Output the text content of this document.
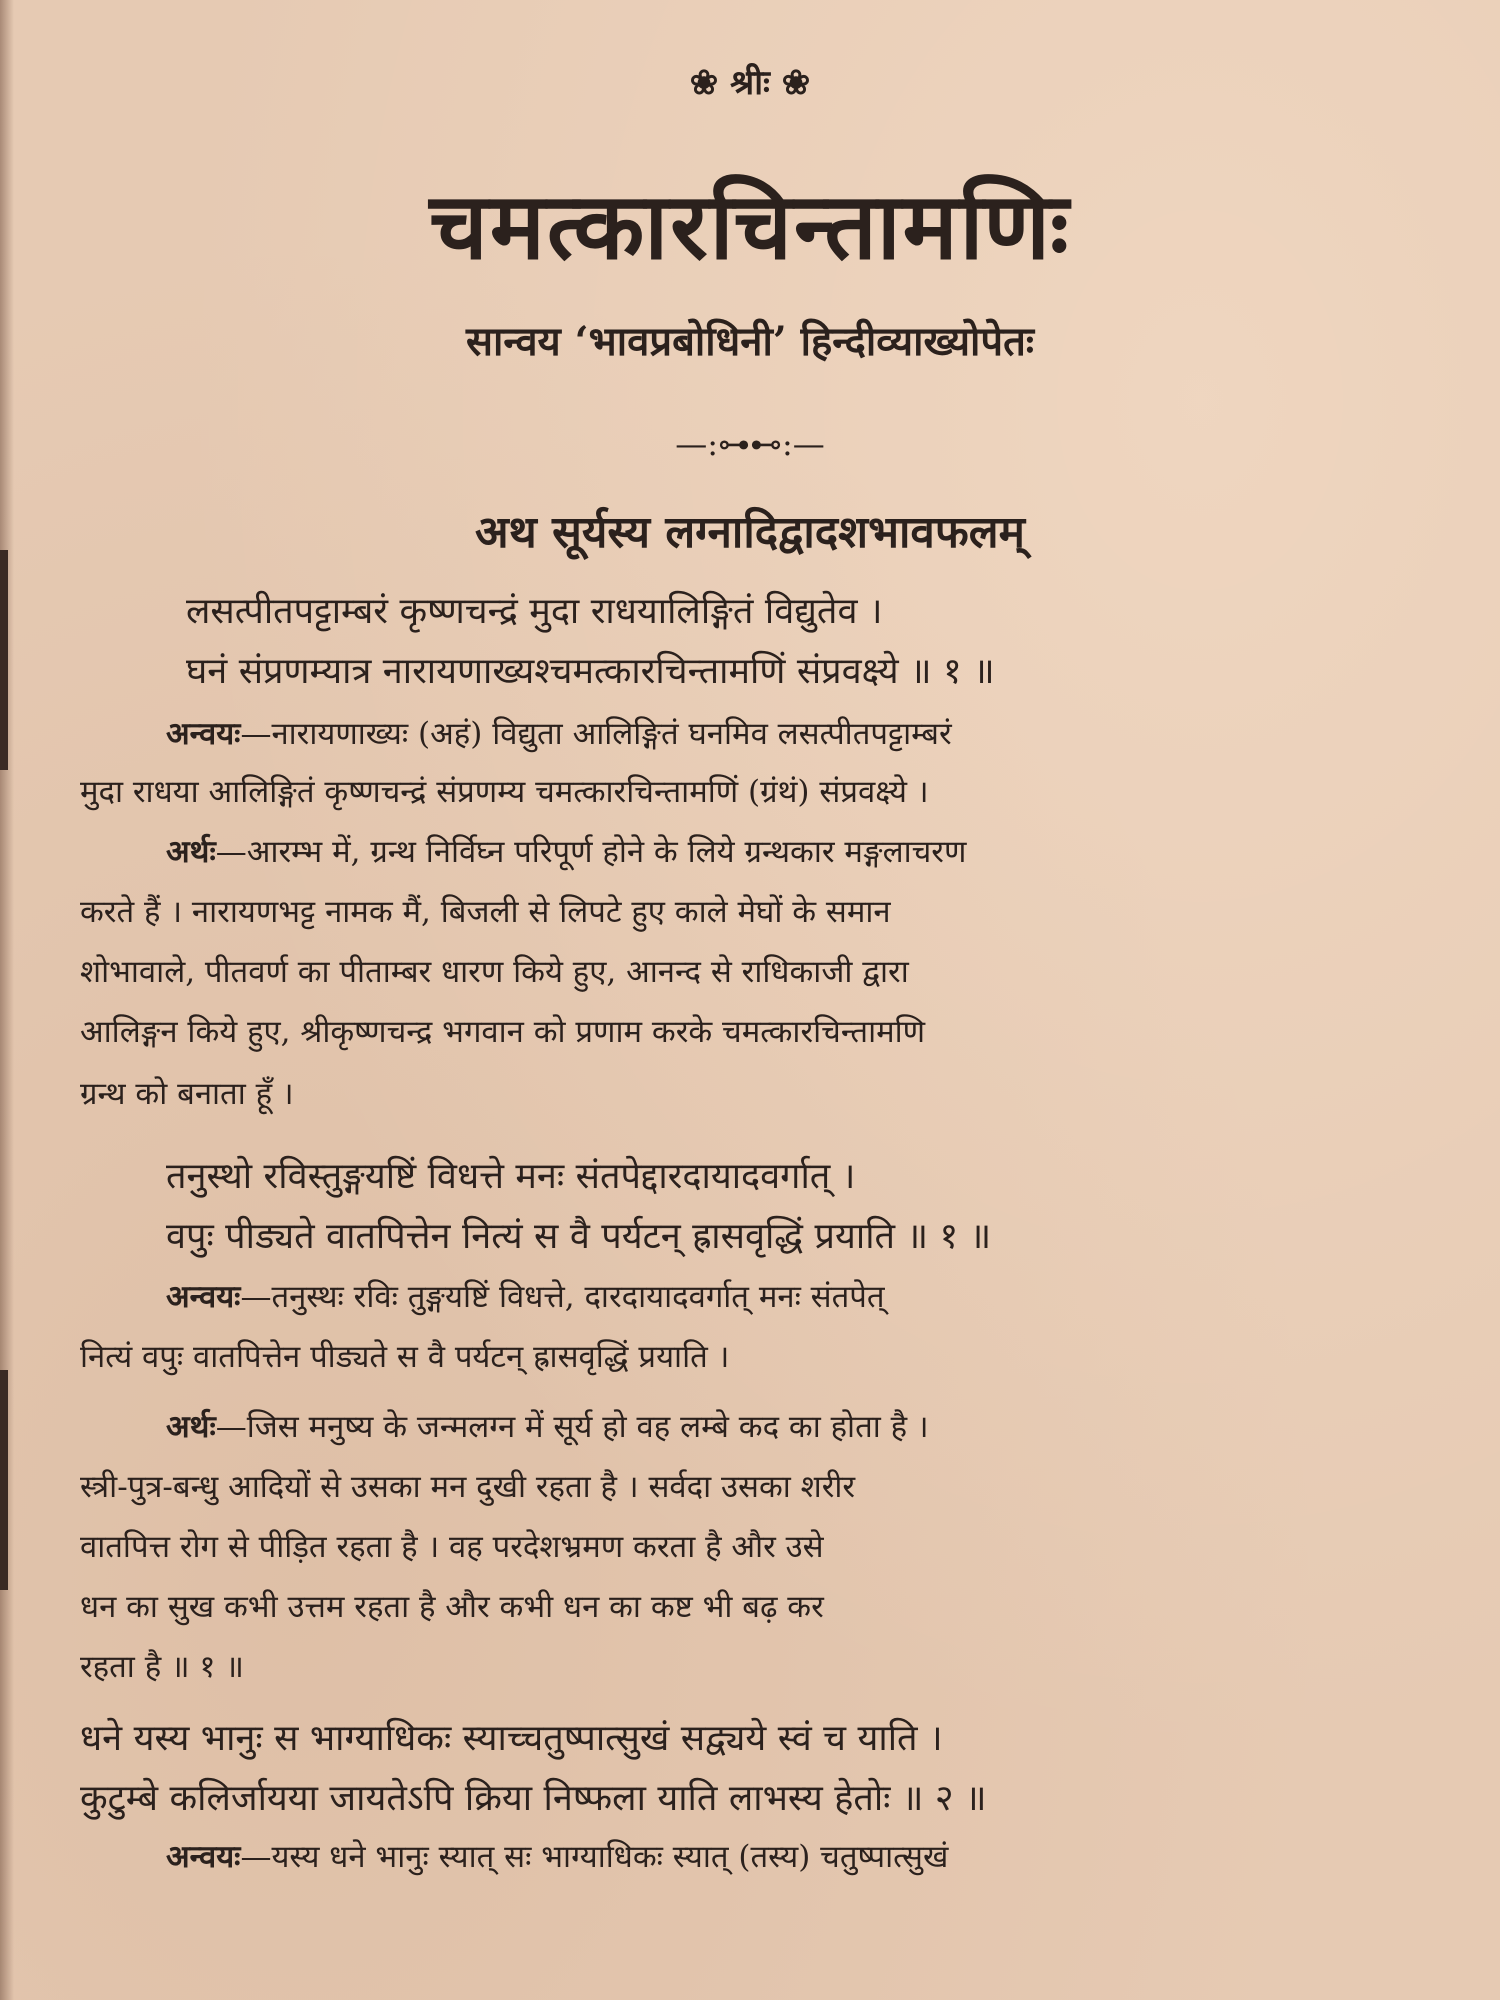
❀ श्रीः ❀
चमत्कारचिन्तामणिः
सान्वय ‘भावप्रबोधिनी’ हिन्दीव्याख्योपेतः
—:⊶⊷:—
अथ सूर्यस्य लग्नादिद्वादशभावफलम्
लसत्पीतपट्टाम्बरं कृष्णचन्द्रं मुदा राधयालिङ्गितं विद्युतेव ।
घनं संप्रणम्यात्र नारायणाख्यश्चमत्कारचिन्तामणिं संप्रवक्ष्ये ॥ १ ॥
अन्वयः—नारायणाख्यः (अहं) विद्युता आलिङ्गितं घनमिव लसत्पीतपट्टाम्बरं
मुदा राधया आलिङ्गितं कृष्णचन्द्रं संप्रणम्य चमत्कारचिन्तामणिं (ग्रंथं) संप्रवक्ष्ये ।
अर्थः—आरम्भ में, ग्रन्थ निर्विघ्न परिपूर्ण होने के लिये ग्रन्थकार मङ्गलाचरण
करते हैं । नारायणभट्ट नामक मैं, बिजली से लिपटे हुए काले मेघों के समान
शोभावाले, पीतवर्ण का पीताम्बर धारण किये हुए, आनन्द से राधिकाजी द्वारा
आलिङ्गन किये हुए, श्रीकृष्णचन्द्र भगवान को प्रणाम करके चमत्कारचिन्तामणि
ग्रन्थ को बनाता हूँ ।
तनुस्थो रविस्तुङ्गयष्टिं विधत्ते मनः संतपेद्दारदायादवर्गात् ।
वपुः पीड्यते वातपित्तेन नित्यं स वै पर्यटन् ह्रासवृद्धिं प्रयाति ॥ १ ॥
अन्वयः—तनुस्थः रविः तुङ्गयष्टिं विधत्ते, दारदायादवर्गात् मनः संतपेत्
नित्यं वपुः वातपित्तेन पीड्यते स वै पर्यटन् ह्रासवृद्धिं प्रयाति ।
अर्थः—जिस मनुष्य के जन्मलग्न में सूर्य हो वह लम्बे कद का होता है ।
स्त्री-पुत्र-बन्धु आदियों से उसका मन दुखी रहता है । सर्वदा उसका शरीर
वातपित्त रोग से पीड़ित रहता है । वह परदेशभ्रमण करता है और उसे
धन का सुख कभी उत्तम रहता है और कभी धन का कष्ट भी बढ़ कर
रहता है ॥ १ ॥
धने यस्य भानुः स भाग्याधिकः स्याच्चतुष्पात्सुखं सद्व्यये स्वं च याति ।
कुटुम्बे कलिर्जायया जायतेऽपि क्रिया निष्फला याति लाभस्य हेतोः ॥ २ ॥
अन्वयः—यस्य धने भानुः स्यात् सः भाग्याधिकः स्यात् (तस्य) चतुष्पात्सुखं
